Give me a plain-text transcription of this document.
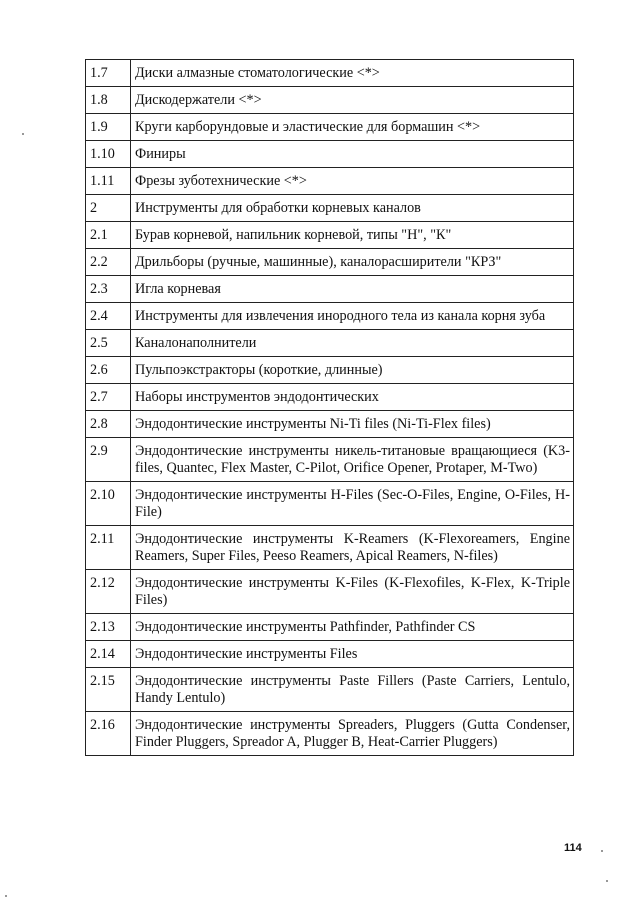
1.7	Диски алмазные стоматологические <*>
1.8	Дискодержатели <*>
1.9	Круги карборундовые и эластические для бормашин <*>
1.10	Финиры
1.11	Фрезы зуботехнические <*>
2	Инструменты для обработки корневых каналов
2.1	Бурав корневой, напильник корневой, типы "Н", "К"
2.2	Дрильборы (ручные, машинные), каналорасширители "КРЗ"
2.3	Игла корневая
2.4	Инструменты для извлечения инородного тела из канала корня зуба
2.5	Каналонаполнители
2.6	Пульпоэкстракторы (короткие, длинные)
2.7	Наборы инструментов эндодонтических
2.8	Эндодонтические инструменты Ni-Ti files (Ni-Ti-Flex files)
2.9	Эндодонтические инструменты никель-титановые вращающиеся (K3-files, Quantec, Flex Master, C-Pilot, Orifice Opener, Protaper, M-Two)
2.10	Эндодонтические инструменты H-Files (Sec-O-Files, Engine, O-Files, H-File)
2.11	Эндодонтические инструменты K-Reamers (K-Flexoreamers, Engine Reamers, Super Files, Peeso Reamers, Apical Reamers, N-files)
2.12	Эндодонтические инструменты K-Files (K-Flexofiles, K-Flex, K-Triple Files)
2.13	Эндодонтические инструменты Pathfinder, Pathfinder CS
2.14	Эндодонтические инструменты Files
2.15	Эндодонтические инструменты Paste Fillers (Paste Carriers, Lentulo, Handy Lentulo)
2.16	Эндодонтические инструменты Spreaders, Pluggers (Gutta Condenser, Finder Pluggers, Spreador A, Plugger B, Heat-Carrier Pluggers)
114
